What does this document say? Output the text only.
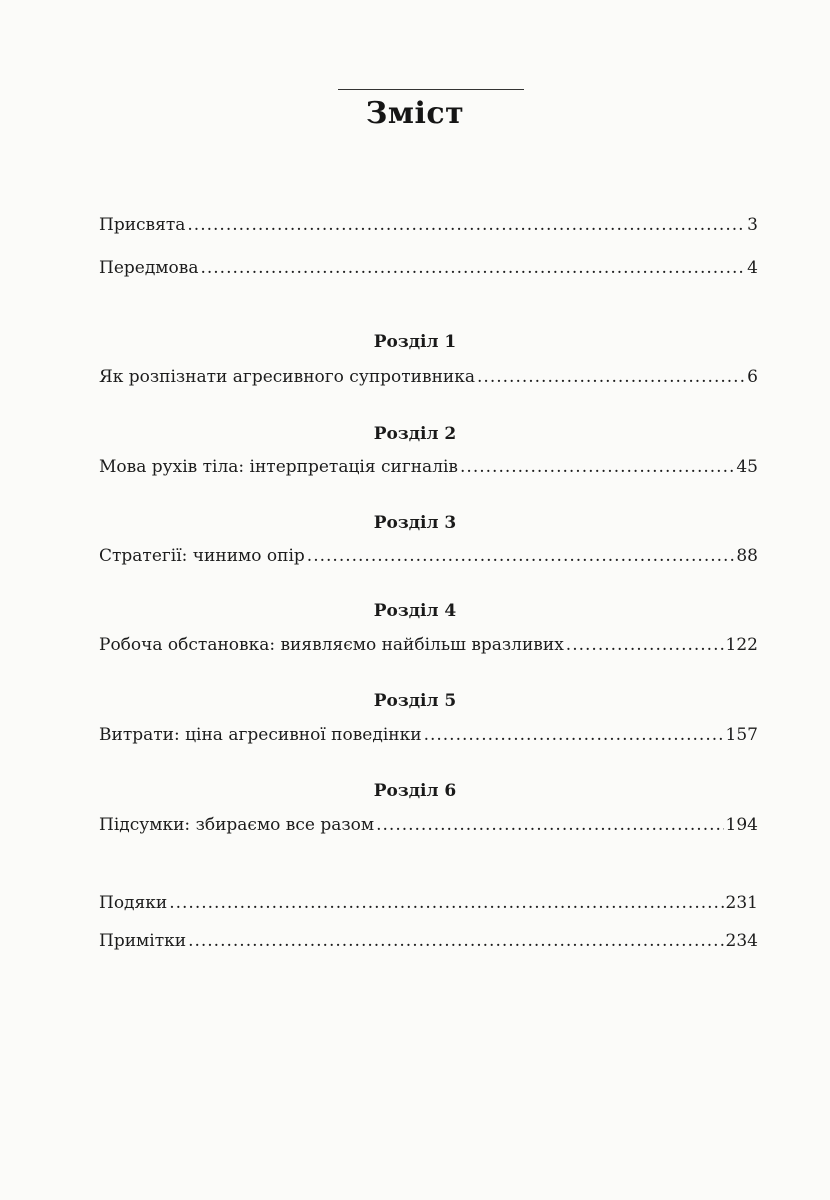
Зміст
Присвята .....	3
Передмова .....	4
Розділ 1
Як розпізнати агресивного супротивника .....	6
Розділ 2
Мова рухів тіла: інтерпретація сигналів .....	45
Розділ 3
Стратегії: чинимо опір .....	88
Розділ 4
Робоча обстановка: виявляємо найбільш вразливих .....	122
Розділ 5
Витрати: ціна агресивної поведінки .....	157
Розділ 6
Підсумки: збираємо все разом .....	194
Подяки .....	231
Примітки .....	234
